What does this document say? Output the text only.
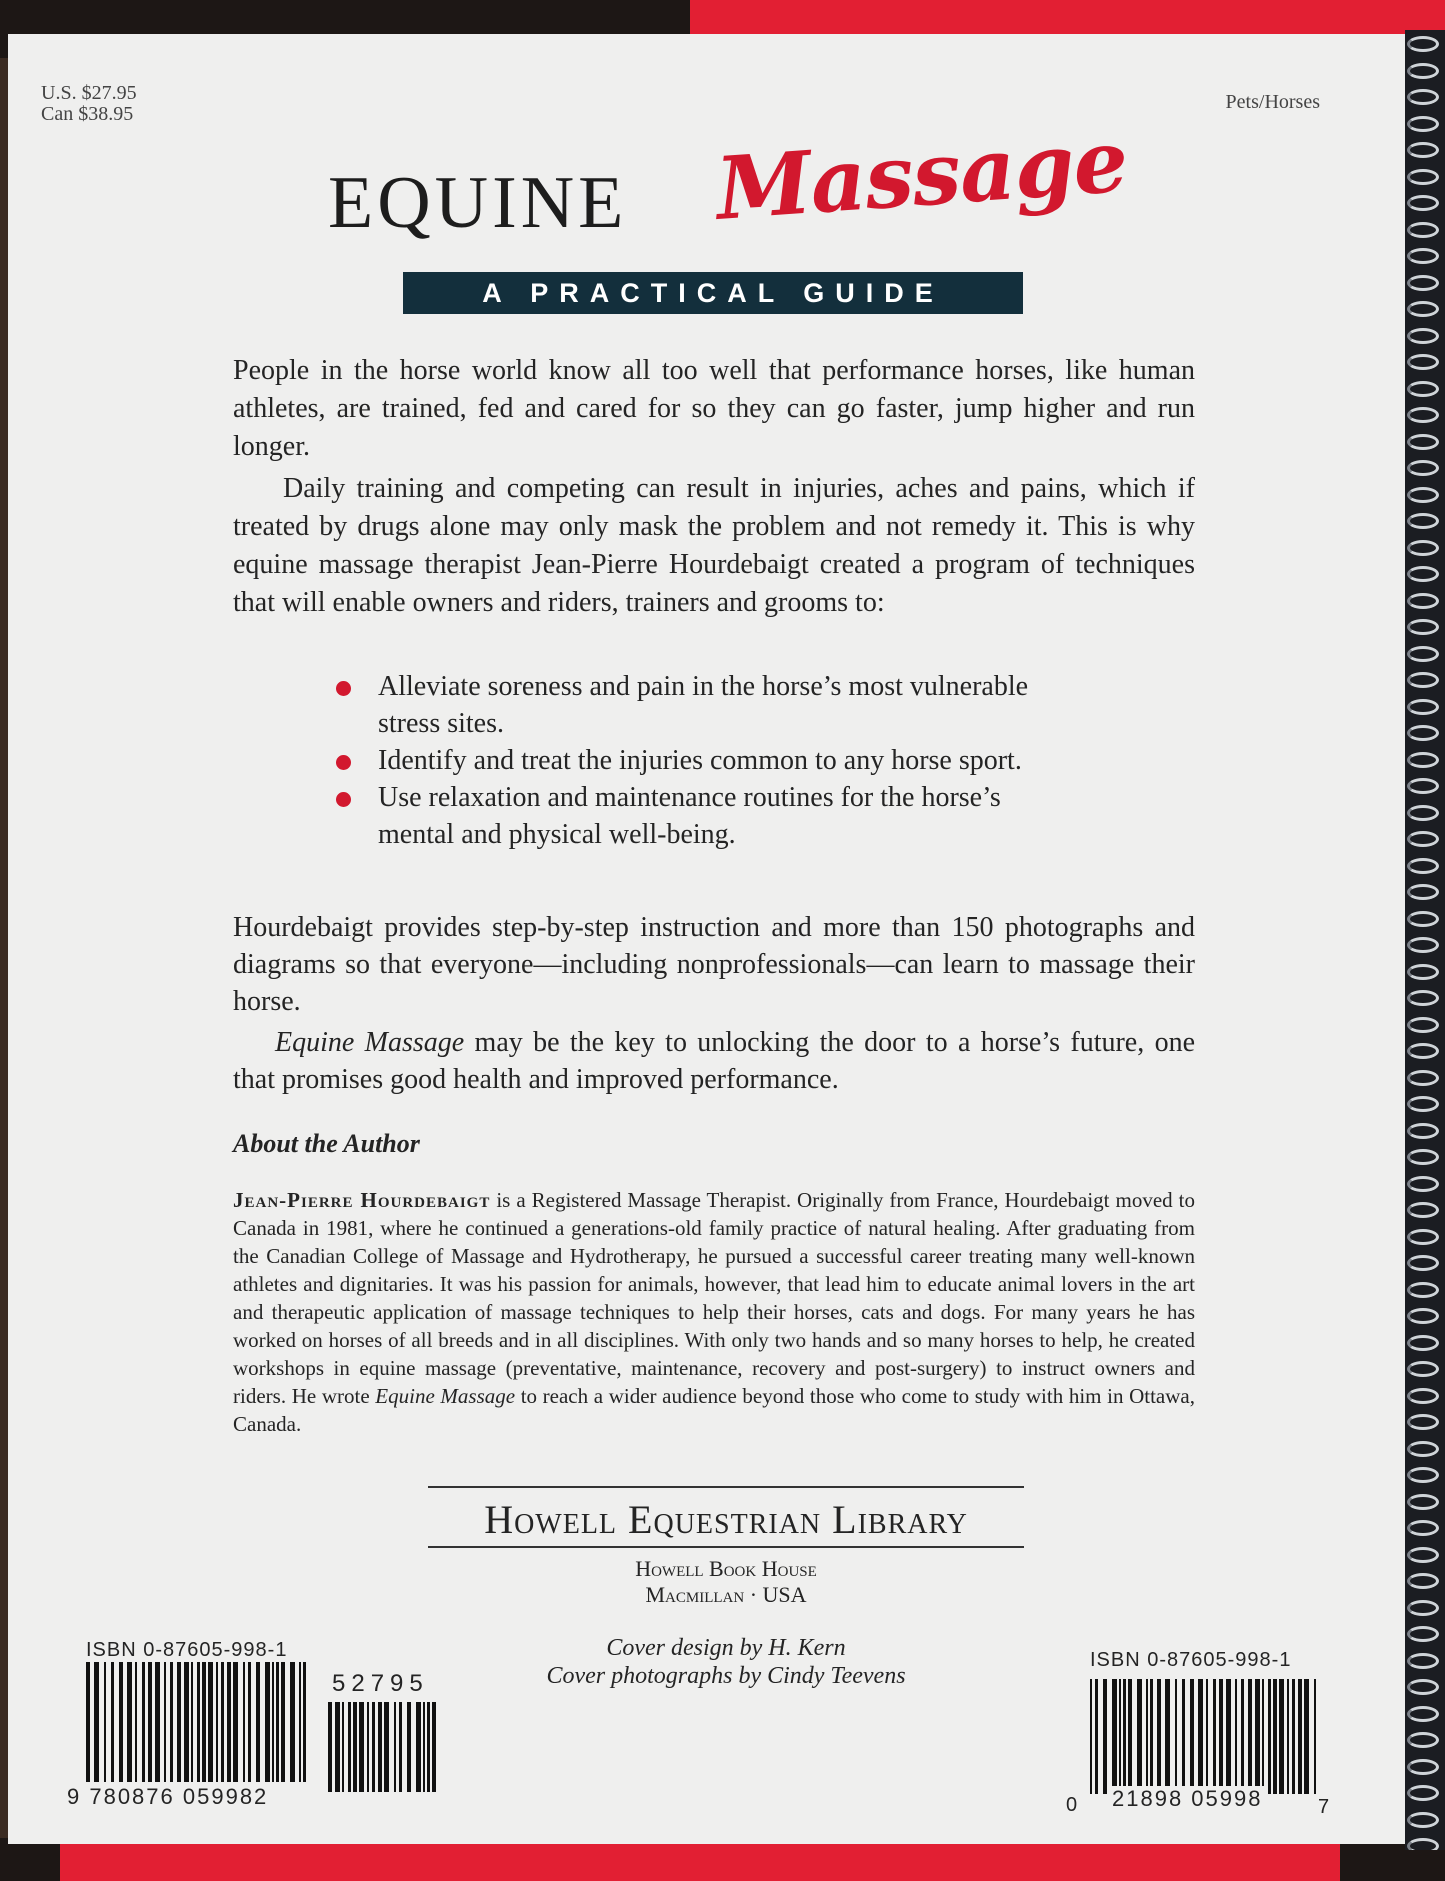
U.S. $27.95
Can $38.95
Pets/Horses
EQUINE Massage
A PRACTICAL GUIDE

People in the horse world know all too well that performance horses, like human athletes, are trained, fed and cared for so they can go faster, jump higher and run longer.

Daily training and competing can result in injuries, aches and pains, which if treated by drugs alone may only mask the problem and not remedy it. This is why equine massage therapist Jean-Pierre Hourdebaigt created a program of techniques that will enable owners and riders, trainers and grooms to:

Alleviate soreness and pain in the horse’s most vulnerable stress sites.
Identify and treat the injuries common to any horse sport.
Use relaxation and maintenance routines for the horse’s mental and physical well-being.

Hourdebaigt provides step-by-step instruction and more than 150 photographs and diagrams so that everyone—including nonprofessionals—can learn to massage their horse.

Equine Massage may be the key to unlocking the door to a horse’s future, one that promises good health and improved performance.

About the Author
Jean-Pierre Hourdebaigt is a Registered Massage Therapist. Originally from France, Hourdebaigt moved to Canada in 1981, where he continued a generations-old family practice of natural healing. After graduating from the Canadian College of Massage and Hydrotherapy, he pursued a successful career treating many well-known athletes and dignitaries. It was his passion for animals, however, that lead him to educate animal lovers in the art and therapeutic application of massage techniques to help their horses, cats and dogs. For many years he has worked on horses of all breeds and in all disciplines. With only two hands and so many horses to help, he created workshops in equine massage (preventative, maintenance, recovery and post-surgery) to instruct owners and riders. He wrote Equine Massage to reach a wider audience beyond those who come to study with him in Ottawa, Canada.
Howell Equestrian Library
Howell Book House
Macmillan · USA
Cover design by H. Kern
Cover photographs by Cindy Teevens
ISBN 0-87605-998-1
52795
9 780876 059982
ISBN 0-87605-998-1
0 21898 05998	7
